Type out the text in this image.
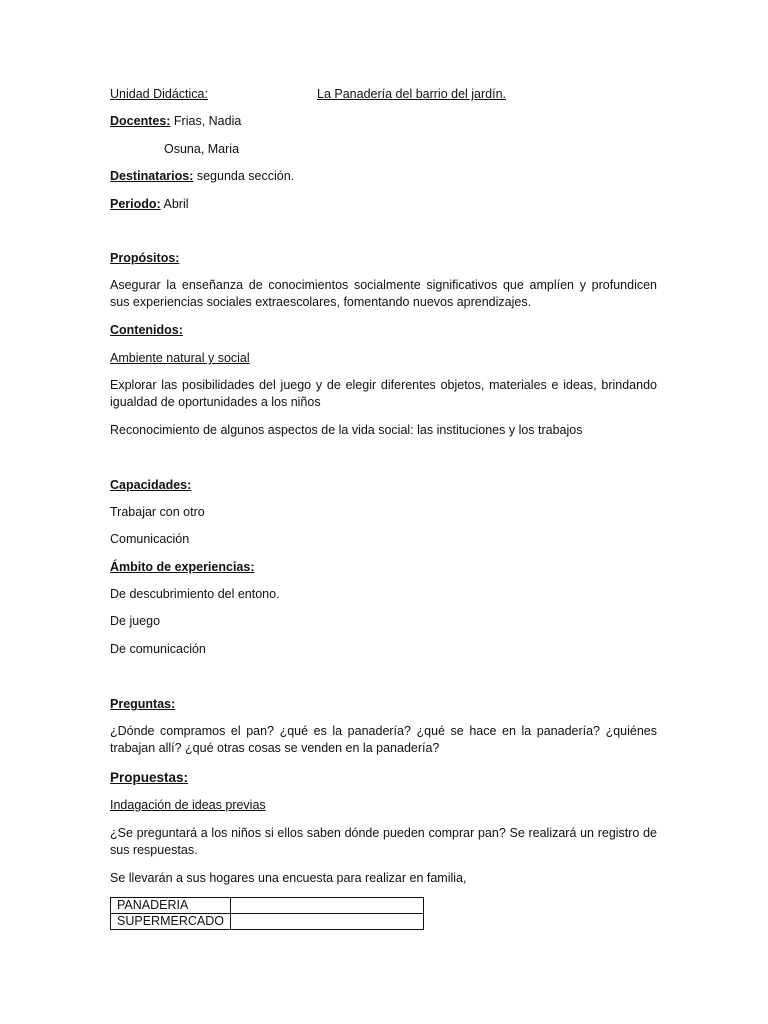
Unidad Didáctica:	La Panadería del barrio del jardín.
Docentes: Frias, Nadia
Osuna, Maria
Destinatarios: segunda sección.
Periodo: Abril
Propósitos:
Asegurar la enseñanza de conocimientos socialmente significativos que amplíen y profundicen sus experiencias sociales extraescolares, fomentando nuevos aprendizajes.
Contenidos:
Ambiente natural y social
Explorar las posibilidades del juego y de elegir diferentes objetos, materiales e ideas, brindando igualdad de oportunidades a los niños
Reconocimiento de algunos aspectos de la vida social: las instituciones y los trabajos
Capacidades:
Trabajar con otro
Comunicación
Ámbito de experiencias:
De descubrimiento del entono.
De juego
De comunicación
Preguntas:
¿Dónde compramos el pan? ¿qué es la panadería? ¿qué se hace en la panadería? ¿quiénes trabajan allí? ¿qué otras cosas se venden en la panadería?
Propuestas:
Indagación de ideas previas
¿Se preguntará a los niños si ellos saben dónde pueden comprar pan? Se realizará un registro de sus respuestas.
Se llevarán a sus hogares una encuesta para realizar en familia,
PANADERIA	
SUPERMERCADO	
